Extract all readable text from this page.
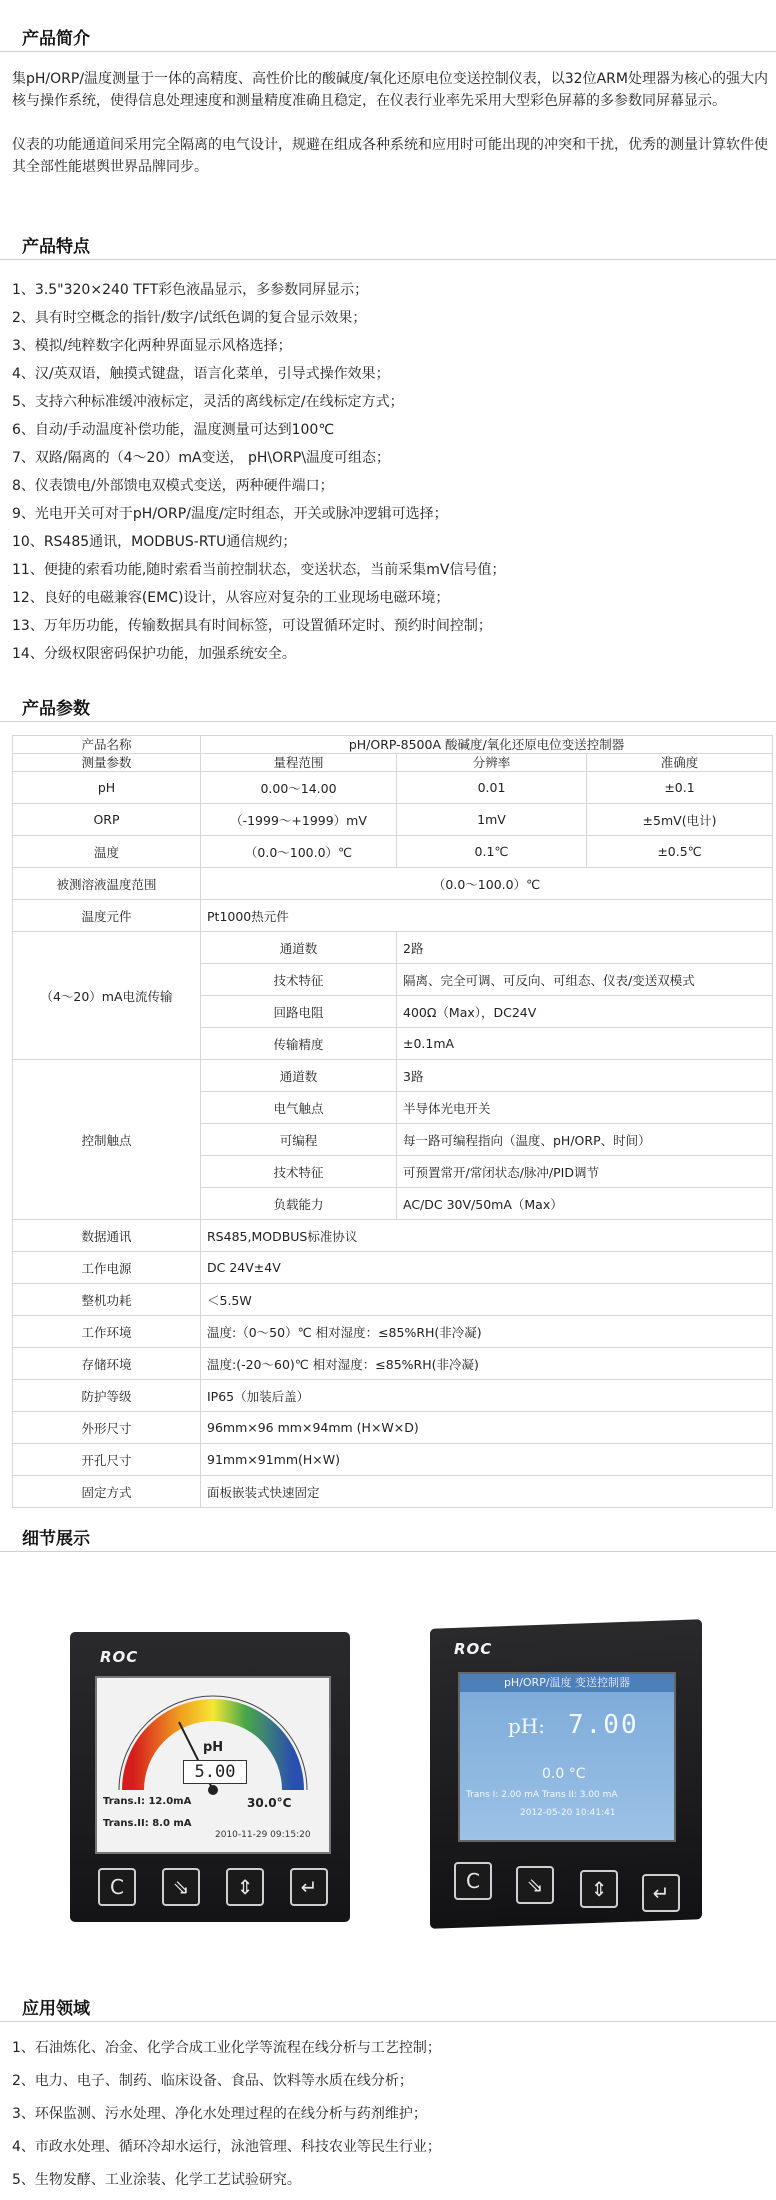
产品简介
集pH/ORP/温度测量于一体的高精度、高性价比的酸碱度/氧化还原电位变送控制仪表，以32位ARM处理器为核心的强大内核与操作系统，使得信息处理速度和测量精度准确且稳定，在仪表行业率先采用大型彩色屏幕的多参数同屏幕显示。
仪表的功能通道间采用完全隔离的电气设计，规避在组成各种系统和应用时可能出现的冲突和干扰，优秀的测量计算软件使其全部性能堪舆世界品牌同步。
产品特点
1、3.5"320×240 TFT彩色液晶显示，多参数同屏显示；
2、具有时空概念的指针/数字/试纸色调的复合显示效果；
3、模拟/纯粹数字化两种界面显示风格选择；
4、汉/英双语，触摸式键盘，语言化菜单，引导式操作效果；
5、支持六种标准缓冲液标定，灵活的离线标定/在线标定方式；
6、自动/手动温度补偿功能，温度测量可达到100℃
7、双路/隔离的（4～20）mA变送， pH\ORP\温度可组态；
8、仪表馈电/外部馈电双模式变送，两种硬件端口；
9、光电开关可对于pH/ORP/温度/定时组态，开关或脉冲逻辑可选择；
10、RS485通讯，MODBUS-RTU通信规约；
11、便捷的索看功能,随时索看当前控制状态，变送状态，当前采集mV信号值；
12、良好的电磁兼容(EMC)设计，从容应对复杂的工业现场电磁环境；
13、万年历功能，传输数据具有时间标签，可设置循环定时、预约时间控制；
14、分级权限密码保护功能，加强系统安全。
产品参数
产品名称	pH/ORP-8500A 酸碱度/氧化还原电位变送控制器		
测量参数	量程范围	分辨率	准确度
pH	0.00～14.00	0.01	±0.1
ORP	（-1999～+1999）mV	1mV	±5mV(电计)
温度	（0.0～100.0）℃	0.1℃	±0.5℃
被测溶液温度范围	（0.0～100.0）℃		
温度元件	Pt1000热元件		
（4～20）mA电流传输	通道数	2路	
	技术特征	隔离、完全可调、可反向、可组态、仪表/变送双模式	
	回路电阻	400Ω（Max），DC24V	
	传输精度	±0.1mA	
控制触点	通道数	3路	
	电气触点	半导体光电开关	
	可编程	每一路可编程指向（温度、pH/ORP、时间）	
	技术特征	可预置常开/常闭状态/脉冲/PID调节	
	负载能力	AC/DC 30V/50mA（Max）	
数据通讯	RS485,MODBUS标准协议		
工作电源	DC 24V±4V		
整机功耗	＜5.5W		
工作环境	温度:（0～50）℃ 相对湿度：≤85%RH(非冷凝)		
存储环境	温度:(-20～60)℃ 相对湿度：≤85%RH(非冷凝)		
防护等级	IP65（加装后盖）		
外形尺寸	96mm×96 mm×94mm (H×W×D)		
开孔尺寸	91mm×91mm(H×W)		
固定方式	面板嵌装式快速固定		
细节展示
ROC
pH
5.00
30.0°C
Trans.I: 12.0mA
Trans.II: 8.0 mA
2010-11-29 09:15:20
C	⇘	⇕	↵
ROC
pH/ORP/温度 变送控制器
pH: 7.00
0.0 °C
Trans I: 2.00 mA Trans II: 3.00 mA
2012-05-20 10:41:41
C	⇘	⇕	↵
应用领域
1、石油炼化、冶金、化学合成工业化学等流程在线分析与工艺控制；
2、电力、电子、制药、临床设备、食品、饮料等水质在线分析；
3、环保监测、污水处理、净化水处理过程的在线分析与药剂维护；
4、市政水处理、循环冷却水运行，泳池管理、科技农业等民生行业；
5、生物发酵、工业涂装、化学工艺试验研究。
